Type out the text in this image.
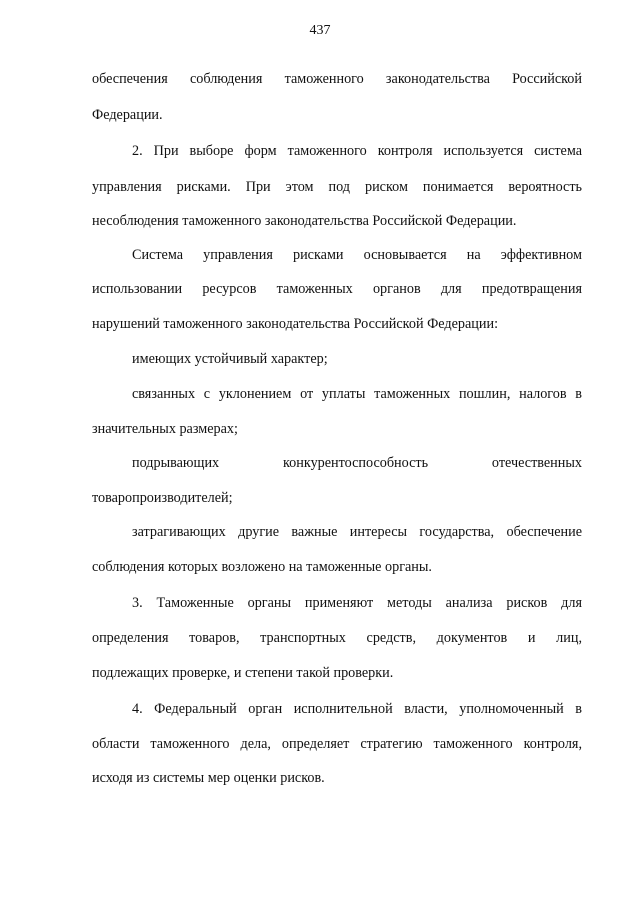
437
обеспечения соблюдения таможенного законодательства Российской
Федерации.
2. При выборе форм таможенного контроля используется система
управления рисками. При этом под риском понимается вероятность
несоблюдения таможенного законодательства Российской Федерации.
Система управления рисками основывается на эффективном
использовании ресурсов таможенных органов для предотвращения
нарушений таможенного законодательства Российской Федерации:
имеющих устойчивый характер;
связанных с уклонением от уплаты таможенных пошлин, налогов в
значительных размерах;
подрывающих конкурентоспособность отечественных
товаропроизводителей;
затрагивающих другие важные интересы государства, обеспечение
соблюдения которых возложено на таможенные органы.
3. Таможенные органы применяют методы анализа рисков для
определения товаров, транспортных средств, документов и лиц,
подлежащих проверке, и степени такой проверки.
4. Федеральный орган исполнительной власти, уполномоченный в
области таможенного дела, определяет стратегию таможенного контроля,
исходя из системы мер оценки рисков.
